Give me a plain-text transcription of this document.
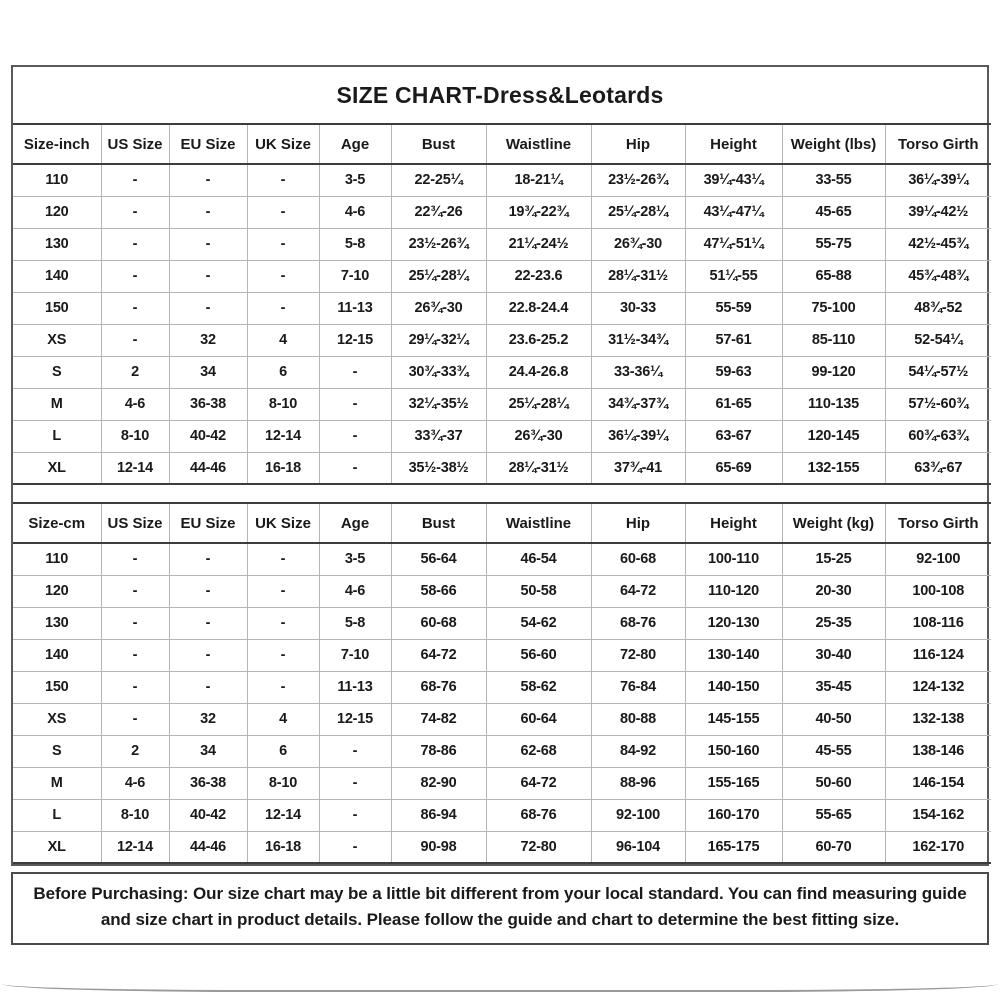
SIZE CHART-Dress&Leotards
Size-inch	US Size	EU Size	UK Size	Age	Bust	Waistline	Hip	Height	Weight (lbs)	Torso Girth
110	-	-	-	3-5	22-25¼	18-21¼	23½-26¾	39¼-43¼	33-55	36¼-39¼
120	-	-	-	4-6	22¾-26	19¾-22¾	25¼-28¼	43¼-47¼	45-65	39¼-42½
130	-	-	-	5-8	23½-26¾	21¼-24½	26¾-30	47¼-51¼	55-75	42½-45¾
140	-	-	-	7-10	25¼-28¼	22-23.6	28¼-31½	51¼-55	65-88	45¾-48¾
150	-	-	-	11-13	26¾-30	22.8-24.4	30-33	55-59	75-100	48¾-52
XS	-	32	4	12-15	29¼-32¼	23.6-25.2	31½-34¾	57-61	85-110	52-54¼
S	2	34	6	-	30¾-33¾	24.4-26.8	33-36¼	59-63	99-120	54¼-57½
M	4-6	36-38	8-10	-	32¼-35½	25¼-28¼	34¾-37¾	61-65	110-135	57½-60¾
L	8-10	40-42	12-14	-	33¾-37	26¾-30	36¼-39¼	63-67	120-145	60¾-63¾
XL	12-14	44-46	16-18	-	35½-38½	28¼-31½	37¾-41	65-69	132-155	63¾-67
Size-cm	US Size	EU Size	UK Size	Age	Bust	Waistline	Hip	Height	Weight (kg)	Torso Girth
110	-	-	-	3-5	56-64	46-54	60-68	100-110	15-25	92-100
120	-	-	-	4-6	58-66	50-58	64-72	110-120	20-30	100-108
130	-	-	-	5-8	60-68	54-62	68-76	120-130	25-35	108-116
140	-	-	-	7-10	64-72	56-60	72-80	130-140	30-40	116-124
150	-	-	-	11-13	68-76	58-62	76-84	140-150	35-45	124-132
XS	-	32	4	12-15	74-82	60-64	80-88	145-155	40-50	132-138
S	2	34	6	-	78-86	62-68	84-92	150-160	45-55	138-146
M	4-6	36-38	8-10	-	82-90	64-72	88-96	155-165	50-60	146-154
L	8-10	40-42	12-14	-	86-94	68-76	92-100	160-170	55-65	154-162
XL	12-14	44-46	16-18	-	90-98	72-80	96-104	165-175	60-70	162-170
Before Purchasing: Our size chart may be a little bit different from your local standard. You can find measuring guide and size chart in product details. Please follow the guide and chart to determine the best fitting size.
